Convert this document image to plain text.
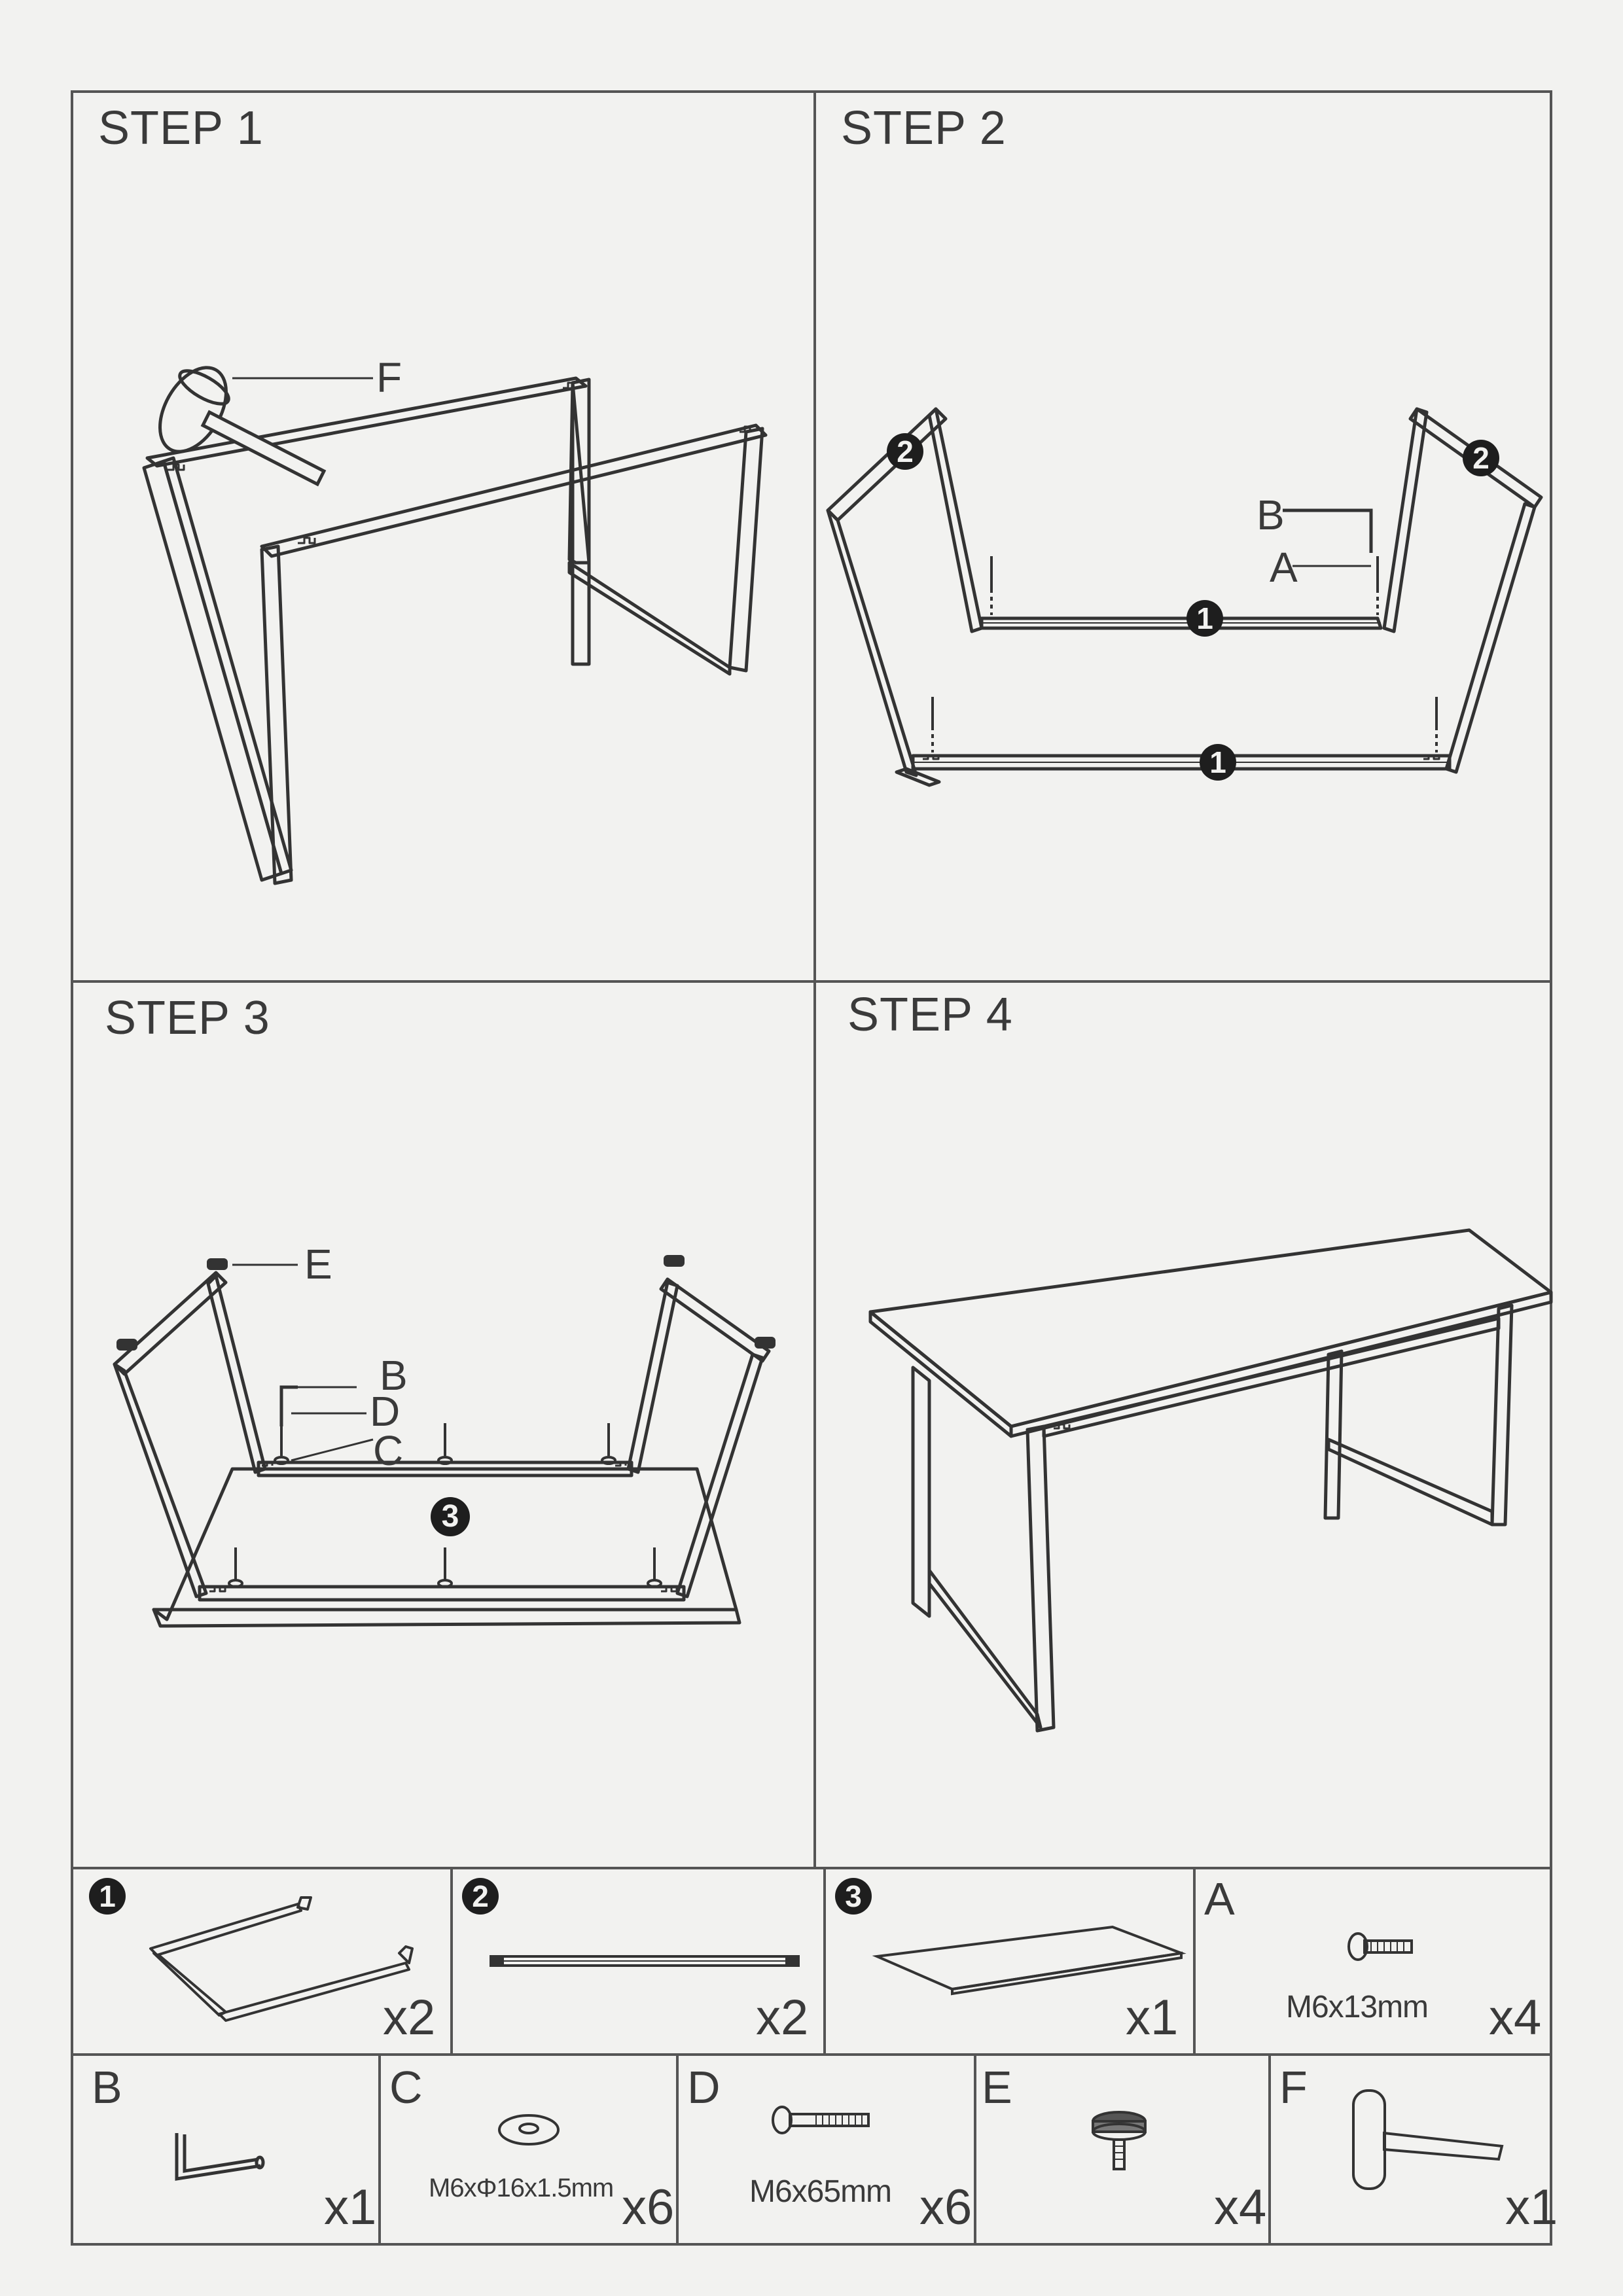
STEP 1	STEP 2
STEP 3	STEP 4
F
B
A
E
B
D
C
2	2
1
1
3
1
x2
2
x2
3
x1
A
M6x13mm x4
B
x1
C
M6xΦ16x1.5mm x6
D
M6x65mm x6
E
x4
F
x1
